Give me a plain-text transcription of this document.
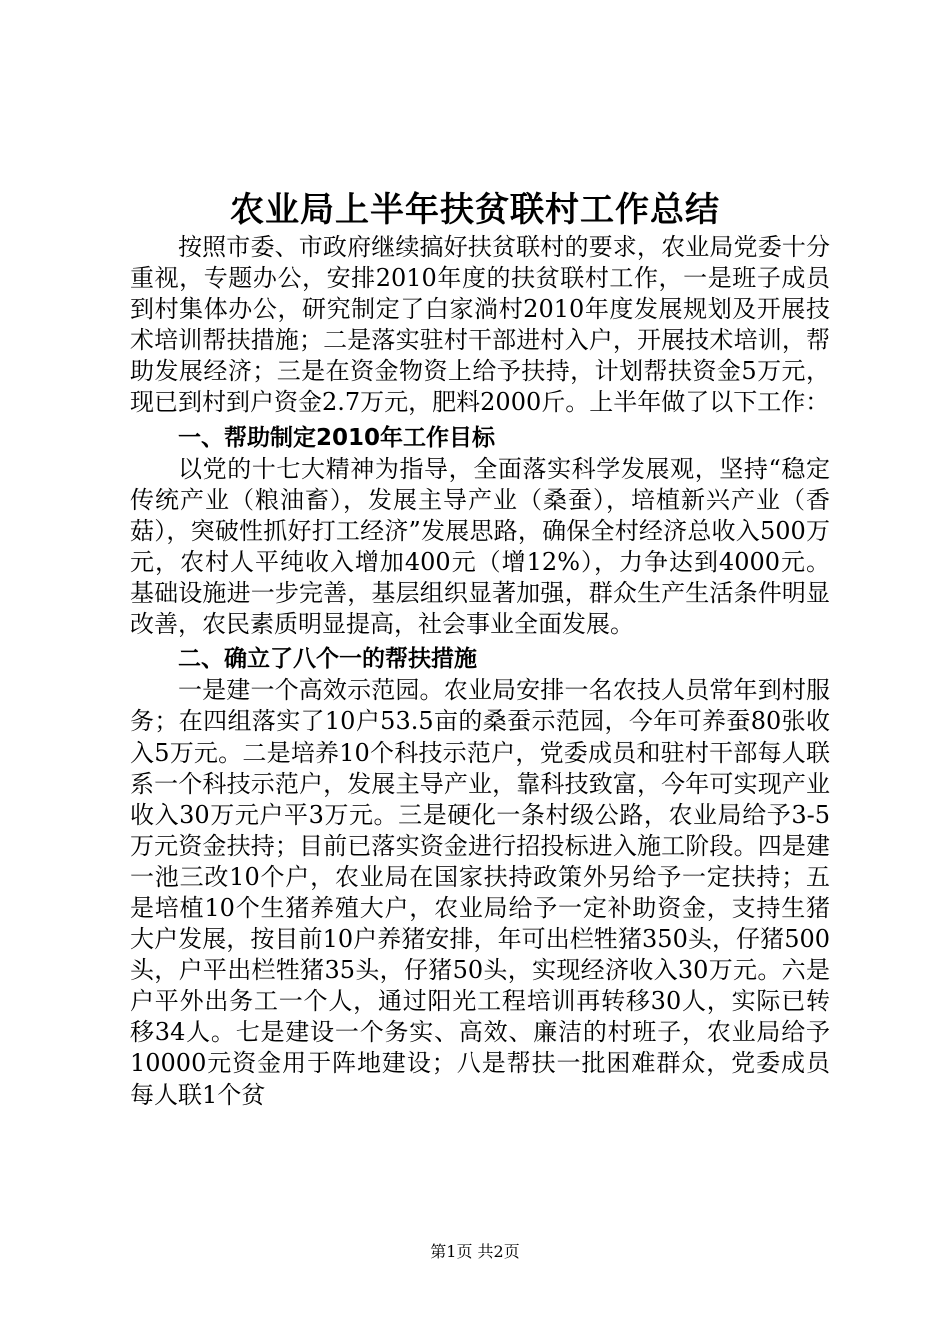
农业局上半年扶贫联村工作总结

按照市委、市政府继续搞好扶贫联村的要求，农业局党委十分重视，专题办公，安排2010年度的扶贫联村工作，一是班子成员到村集体办公，研究制定了白家淌村2010年度发展规划及开展技术培训帮扶措施；二是落实驻村干部进村入户，开展技术培训，帮助发展经济；三是在资金物资上给予扶持，计划帮扶资金5万元，现已到村到户资金2.7万元，肥料2000斤。上半年做了以下工作：

一、帮助制定2010年工作目标

以党的十七大精神为指导，全面落实科学发展观，坚持“稳定传统产业（粮油畜），发展主导产业（桑蚕），培植新兴产业（香菇），突破性抓好打工经济”发展思路，确保全村经济总收入500万元，农村人平纯收入增加400元（增12%），力争达到4000元。基础设施进一步完善，基层组织显著加强，群众生产生活条件明显改善，农民素质明显提高，社会事业全面发展。

二、确立了八个一的帮扶措施

一是建一个高效示范园。农业局安排一名农技人员常年到村服务；在四组落实了10户53.5亩的桑蚕示范园，今年可养蚕80张收入5万元。二是培养10个科技示范户，党委成员和驻村干部每人联系一个科技示范户，发展主导产业，靠科技致富，今年可实现产业收入30万元户平3万元。三是硬化一条村级公路，农业局给予3-5万元资金扶持；目前已落实资金进行招投标进入施工阶段。四是建一池三改10个户，农业局在国家扶持政策外另给予一定扶持；五是培植10个生猪养殖大户，农业局给予一定补助资金，支持生猪大户发展，按目前10户养猪安排，年可出栏牲猪350头，仔猪500头，户平出栏牲猪35头，仔猪50头，实现经济收入30万元。六是户平外出务工一个人，通过阳光工程培训再转移30人，实际已转移34人。七是建设一个务实、高效、廉洁的村班子，农业局给予10000元资金用于阵地建设；八是帮扶一批困难群众，党委成员每人联1个贫

第1页 共2页
